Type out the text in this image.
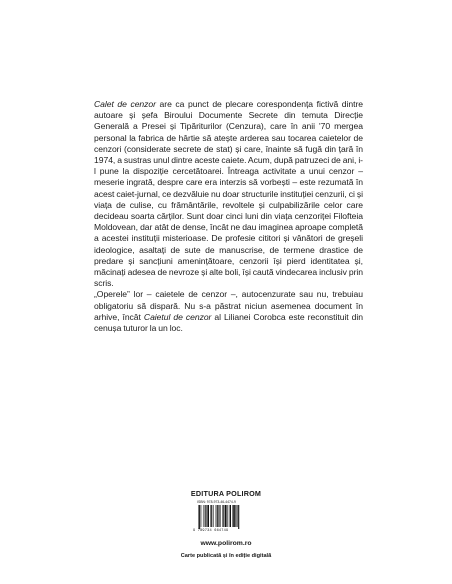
Calet de cenzor are ca punct de plecare corespondența fictivă dintre autoare și șefa Biroului Documente Secrete din temuta Direcție Generală a Presei și Tipăriturilor (Cenzura), care în anii '70 mergea personal la fabrica de hârtie să atește arderea sau tocarea caietelor de cenzori (considerate secrete de stat) și care, înainte să fugă din țară în 1974, a sustras unul dintre aceste caiete. Acum, după patruzeci de ani, i-l pune la dispoziție cercetătoarei. Întreaga activitate a unui cenzor – meserie ingrată, despre care era interzis să vorbești – este rezumată în acest caiet-jurnal, ce dezvăluie nu doar structurile instituției cenzurii, ci și viața de culise, cu frământările, revoltele și culpabilizările celor care decideau soarta cărților. Sunt doar cinci luni din viața cenzoriței Filofteia Moldovean, dar atât de dense, încât ne dau imaginea aproape completă a acestei instituții misterioase. De profesie cititori și vânători de greșeli ideologice, asaltați de sute de manuscrise, de termene drastice de predare și sancțiuni amenințătoare, cenzorii își pierd identitatea și, măcinați adesea de nevroze și alte boli, își caută vindecarea inclusiv prin scris.

„Operele” lor – caietele de cenzor –, autocenzurate sau nu, trebuiau obligatoriu să dispară. Nu s-a păstrat niciun asemenea document în arhive, încât Caietul de cenzor al Lilianei Corobca este reconstituit din cenușa tuturor la un loc.

EDITURA POLIROM
ISBN: 978-973-46-4474-9
9 789734 664749
www.polirom.ro
Carte publicată și în ediție digitală
